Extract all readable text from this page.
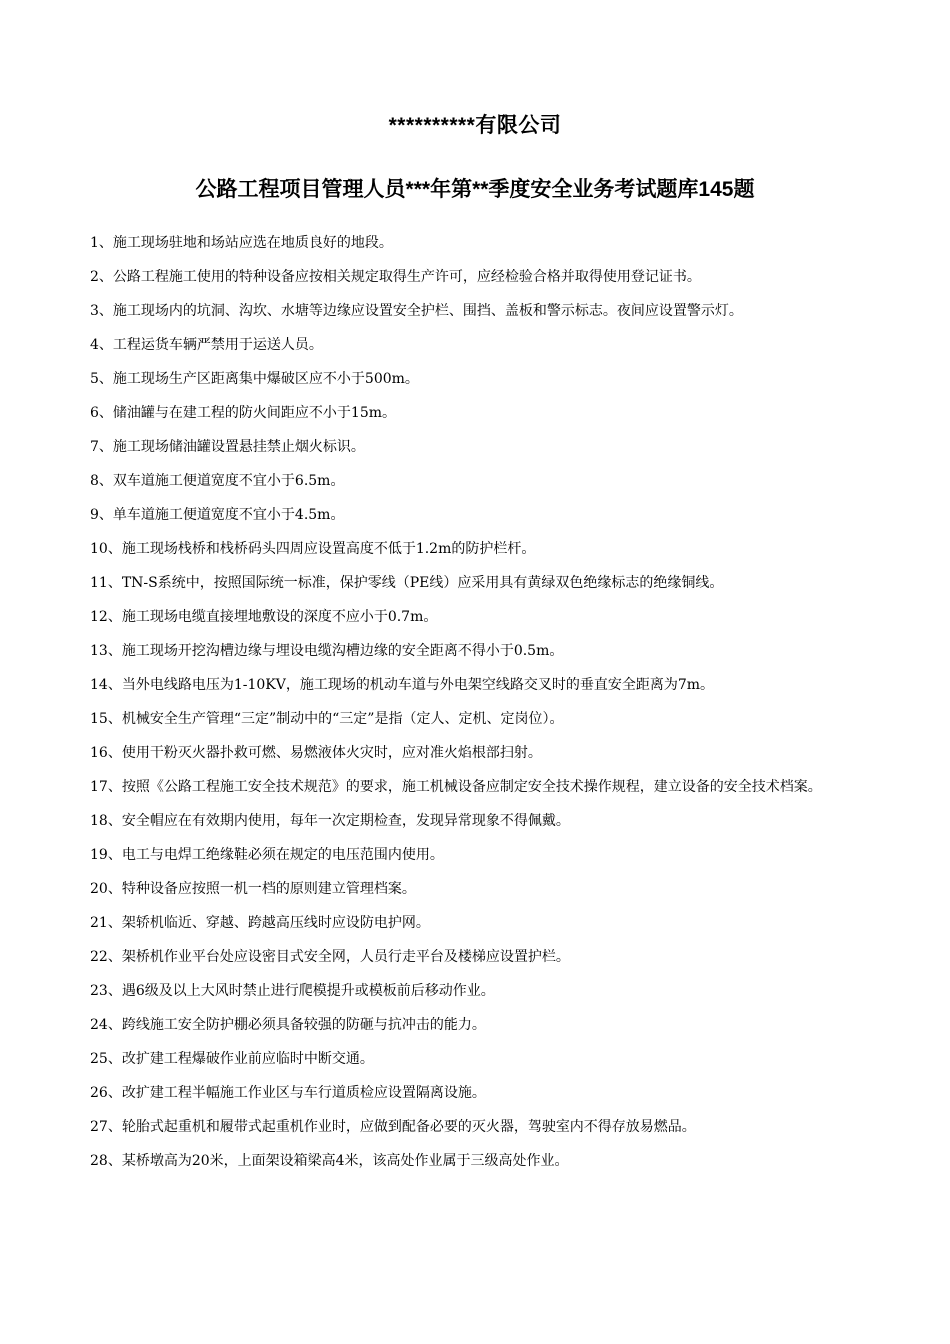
**********有限公司
公路工程项目管理人员***年第**季度安全业务考试题库145题
1、施工现场驻地和场站应选在地质良好的地段。
2、公路工程施工使用的特种设备应按相关规定取得生产许可，应经检验合格并取得使用登记证书。
3、施工现场内的坑洞、沟坎、水塘等边缘应设置安全护栏、围挡、盖板和警示标志。夜间应设置警示灯。
4、工程运货车辆严禁用于运送人员。
5、施工现场生产区距离集中爆破区应不小于500m。
6、储油罐与在建工程的防火间距应不小于15m。
7、施工现场储油罐设置悬挂禁止烟火标识。
8、双车道施工便道宽度不宜小于6.5m。
9、单车道施工便道宽度不宜小于4.5m。
10、施工现场栈桥和栈桥码头四周应设置高度不低于1.2m的防护栏杆。
11、TN-S系统中，按照国际统一标准，保护零线（PE线）应采用具有黄绿双色绝缘标志的绝缘铜线。
12、施工现场电缆直接埋地敷设的深度不应小于0.7m。
13、施工现场开挖沟槽边缘与埋设电缆沟槽边缘的安全距离不得小于0.5m。
14、当外电线路电压为1-10KV，施工现场的机动车道与外电架空线路交叉时的垂直安全距离为7m。
15、机械安全生产管理“三定”制动中的“三定”是指（定人、定机、定岗位）。
16、使用干粉灭火器扑救可燃、易燃液体火灾时，应对准火焰根部扫射。
17、按照《公路工程施工安全技术规范》的要求，施工机械设备应制定安全技术操作规程，建立设备的安全技术档案。
18、安全帽应在有效期内使用，每年一次定期检查，发现异常现象不得佩戴。
19、电工与电焊工绝缘鞋必须在规定的电压范围内使用。
20、特种设备应按照一机一档的原则建立管理档案。
21、架轿机临近、穿越、跨越高压线时应设防电护网。
22、架桥机作业平台处应设密目式安全网，人员行走平台及楼梯应设置护栏。
23、遇6级及以上大风时禁止进行爬模提升或模板前后移动作业。
24、跨线施工安全防护棚必须具备较强的防砸与抗冲击的能力。
25、改扩建工程爆破作业前应临时中断交通。
26、改扩建工程半幅施工作业区与车行道质检应设置隔离设施。
27、轮胎式起重机和履带式起重机作业时，应做到配备必要的灭火器，驾驶室内不得存放易燃品。
28、某桥墩高为20米，上面架设箱梁高4米，该高处作业属于三级高处作业。
